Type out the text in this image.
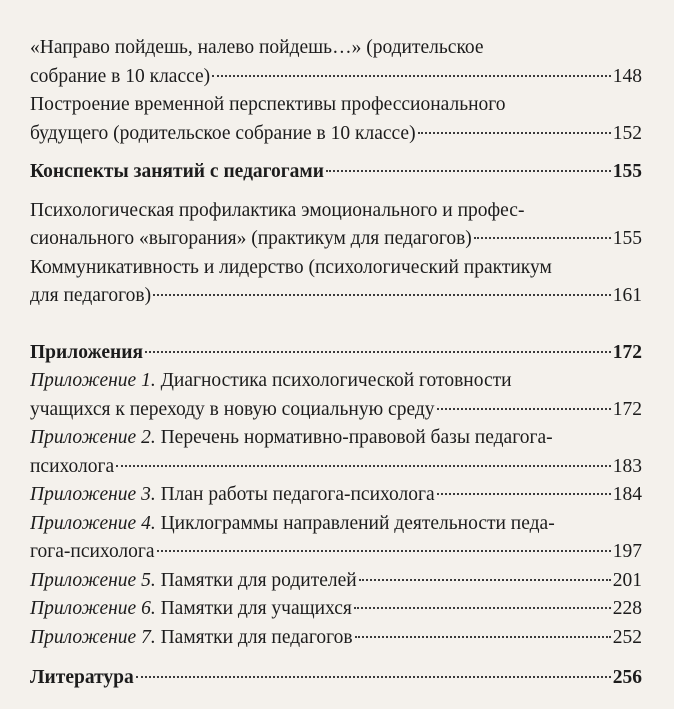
«Направо пойдешь, налево пойдешь…» (родительское
собрание в 10 классе)	148
Построение временной перспективы профессионального
будущего (родительское собрание в 10 классе)	152
Конспекты занятий с педагогами	155
Психологическая профилактика эмоционального и профес-
сионального «выгорания» (практикум для педагогов)	155
Коммуникативность и лидерство (психологический практикум
для педагогов)	161
Приложения	172
Приложение 1. Диагностика психологической готовности
учащихся к переходу в новую социальную среду	172
Приложение 2. Перечень нормативно-правовой базы педагога-
психолога	183
Приложение 3. План работы педагога-психолога	184
Приложение 4. Циклограммы направлений деятельности педа-
гога-психолога	197
Приложение 5. Памятки для родителей	201
Приложение 6. Памятки для учащихся	228
Приложение 7. Памятки для педагогов	252
Литература	256
